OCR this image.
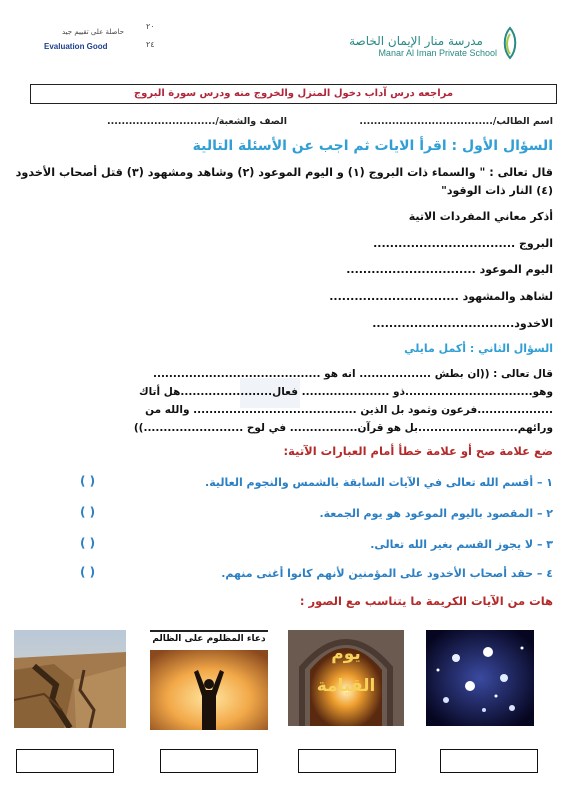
مدرسة منار الإيمان الخاصة
Manar Al Iman Private School
حاصلة على تقييم جيد
٢٠
Evaluation Good	٢٤
مراجعه درس آداب دخول المنزل والخروج منه ودرس سورة البروج
اسم الطالب/.....................................
الصف والشعبة/..............................
السؤال الأول : اقرأ الايات ثم اجب عن الأسئلة التالية
قال تعالى : " والسماء ذات البروج (١) و اليوم الموعود (٢) وشاهد ومشهود (٣) قتل أصحاب الأخدود
(٤) النار ذات الوقود"
أذكر معاني المفردات الاتية
البروج ..................................
اليوم الموعود ...............................
لشاهد والمشهود ...............................
الاخدود..................................
السؤال الثاني : أكمل مايلي
قال تعالى : ((ان بطش .................. انه هو ..........................................
وهو................................ذو ...................... فعال.......................هل أتاك
...................فرعون وثمود بل الذين ......................................... والله من
ورائهم.........................بل هو قرآن................. في لوح .........................))
ضع علامة صح أو علامة خطأ أمام العبارات الآتية:
١ – أقسم الله تعالى في الآيات السابقة بالشمس والنجوم العالية.
( )
٢ – المقصود باليوم الموعود هو يوم الجمعة.
( )
٣ – لا يجوز القسم بغير الله تعالى.
( )
٤ – حقد أصحاب الأخدود على المؤمنين لأنهم كانوا أغنى منهم.
( )
هات من الآيات الكريمة ما يتناسب مع الصور :
دعاء المظلوم على الظالم
يوم
القيامة
